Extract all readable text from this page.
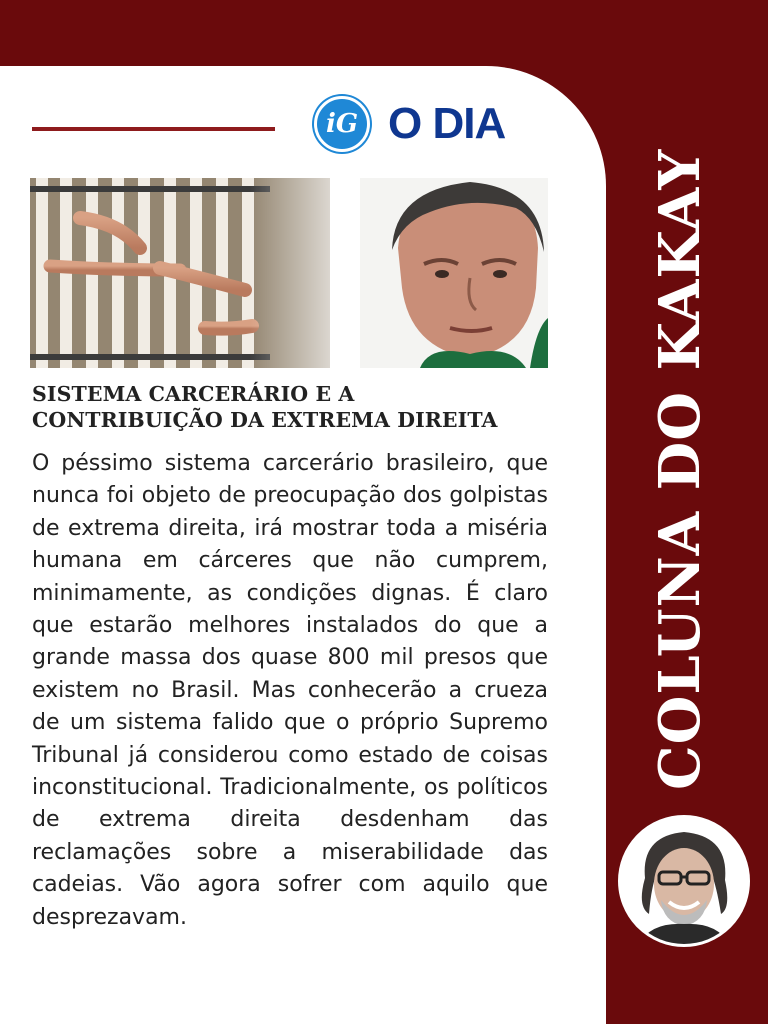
iG O DIA
SISTEMA CARCERÁRIO E A CONTRIBUIÇÃO DA EXTREMA DIREITA
O péssimo sistema carcerário brasileiro, que nunca foi objeto de preocupação dos golpistas de extrema direita, irá mostrar toda a miséria humana em cárceres que não cumprem, minimamente, as condições dignas. É claro que estarão melhores instalados do que a grande massa dos quase 800 mil presos que existem no Brasil. Mas conhecerão a crueza de um sistema falido que o próprio Supremo Tribunal já considerou como estado de coisas inconstitucional. Tradicionalmente, os políticos de extrema direita desdenham das reclamações sobre a miserabilidade das cadeias. Vão agora sofrer com aquilo que desprezavam.
COLUNA DO KAKAY
